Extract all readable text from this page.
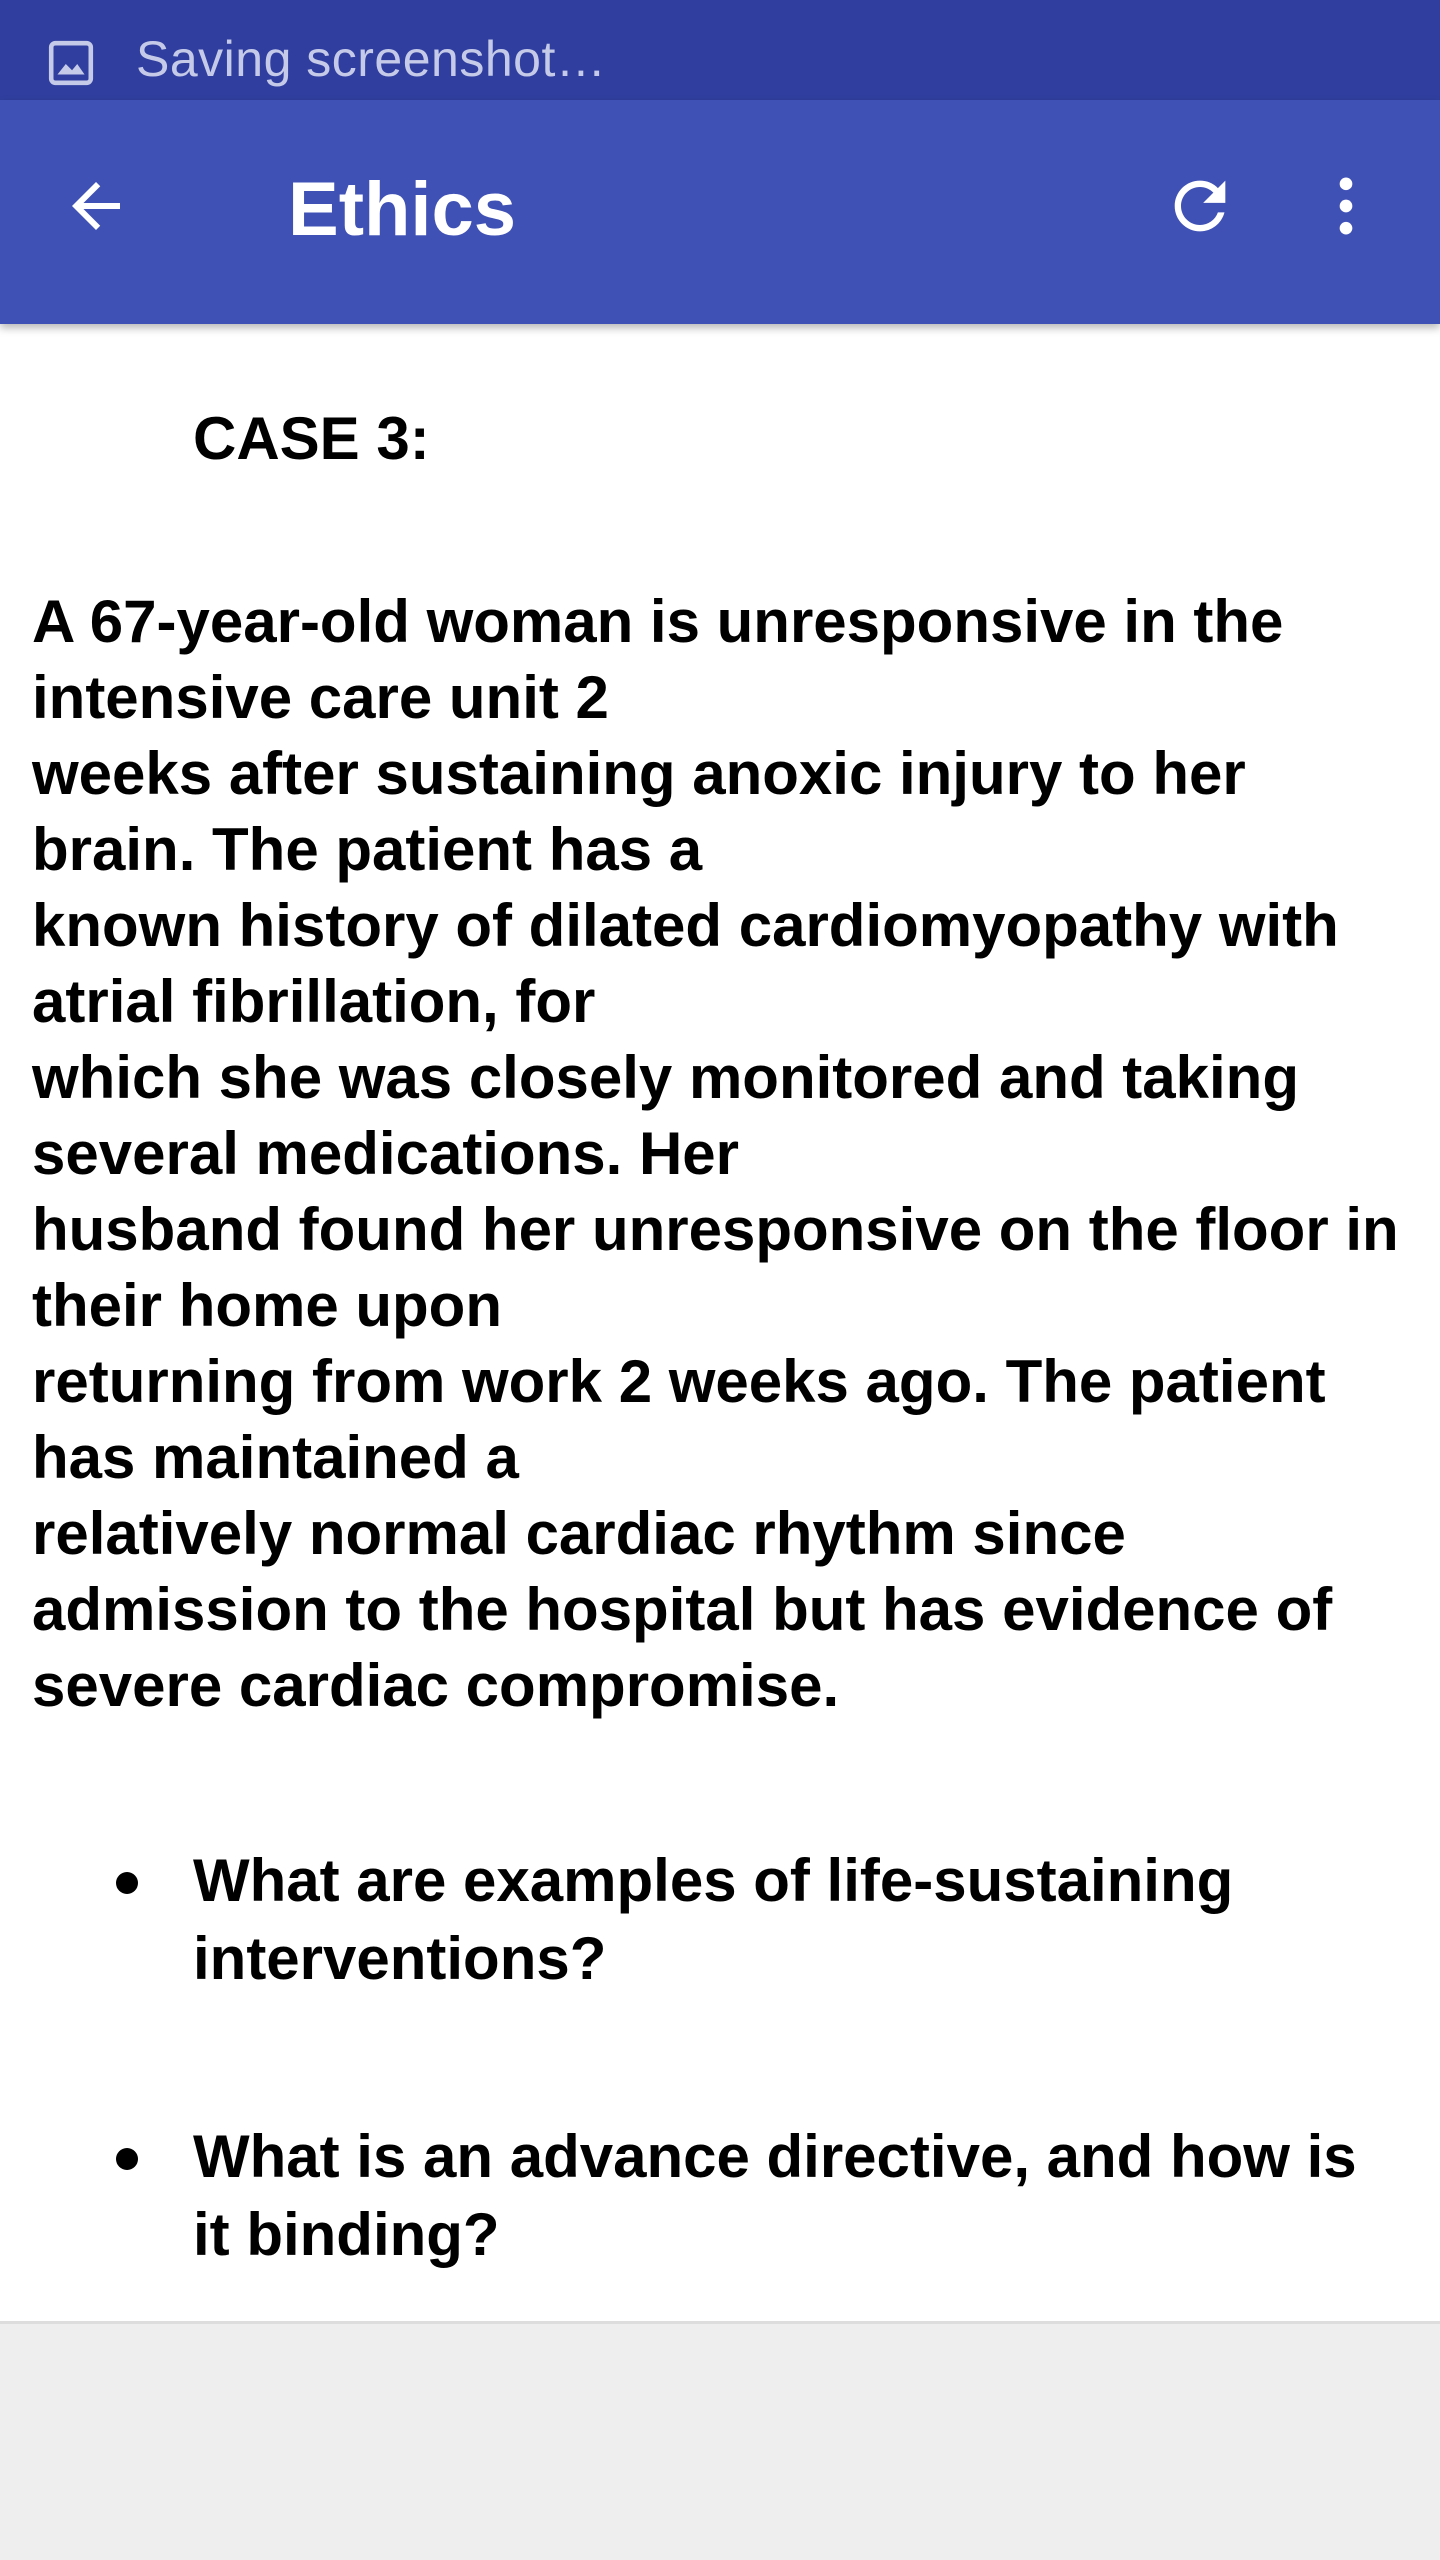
Saving screenshot…
Ethics
CASE 3:
A 67-year-old woman is unresponsive in the
intensive care unit 2
weeks after sustaining anoxic injury to her
brain. The patient has a
known history of dilated cardiomyopathy with
atrial fibrillation, for
which she was closely monitored and taking
several medications. Her
husband found her unresponsive on the floor in
their home upon
returning from work 2 weeks ago. The patient
has maintained a
relatively normal cardiac rhythm since
admission to the hospital but has evidence of
severe cardiac compromise.
What are examples of life-sustaining interventions?
What is an advance directive, and how is it binding?
